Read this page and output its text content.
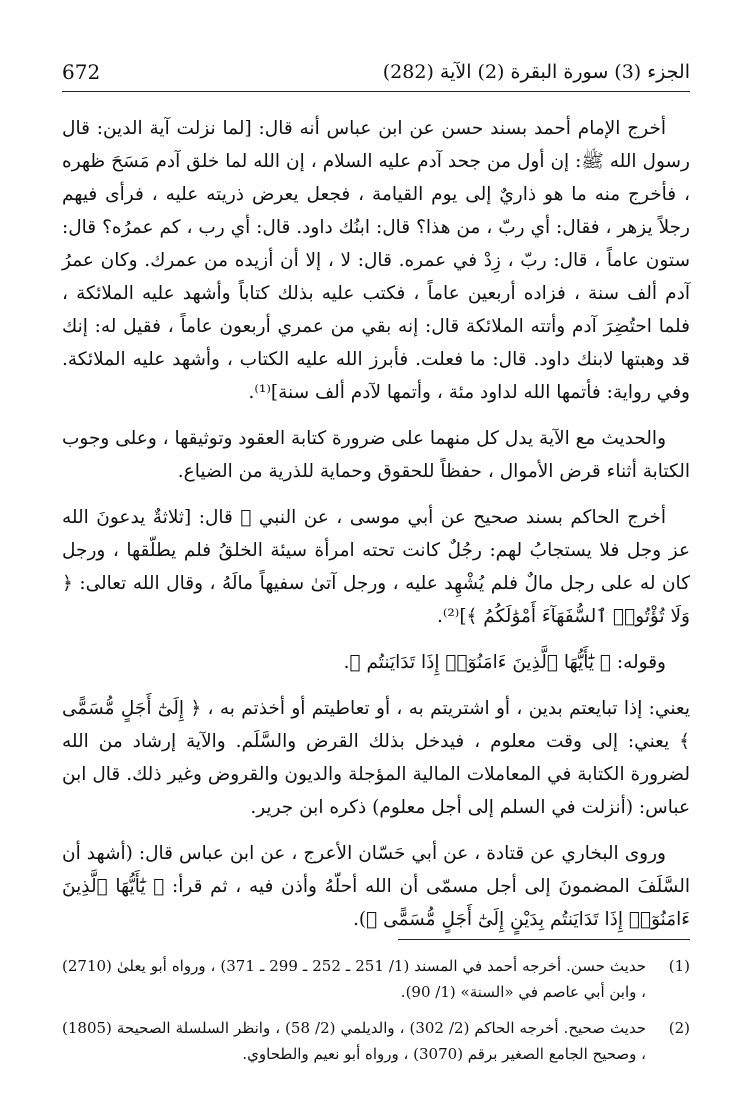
672	الجزء (3) سورة البقرة (2) الآية (282)

أخرج الإمام أحمد بسند حسن عن ابن عباس أنه قال: [لما نزلت آية الدين: قال رسول الله ﷺ: إن أول من جحد آدم عليه السلام ، إن الله لما خلق آدم مَسَحَ ظهره ، فأخرج منه ما هو ذاريٌ إلى يوم القيامة ، فجعل يعرض ذريته عليه ، فرأى فيهم رجلاً يزهر ، فقال: أي ربّ ، من هذا؟ قال: ابنُك داود. قال: أي رب ، كم عمرُه؟ قال: ستون عاماً ، قال: ربّ ، زِدْ في عمره. قال: لا ، إلا أن أزيده من عمرك. وكان عمرُ آدم ألف سنة ، فزاده أربعين عاماً ، فكتب عليه بذلك كتاباً وأشهد عليه الملائكة ، فلما احتُضِرَ آدم وأتته الملائكة قال: إنه بقي من عمري أربعون عاماً ، فقيل له: إنك قد وهبتها لابنك داود. قال: ما فعلت. فأبرز الله عليه الكتاب ، وأشهد عليه الملائكة. وفي رواية: فأتمها الله لداود مئة ، وأتمها لآدم ألف سنة]⁽¹⁾.

والحديث مع الآية يدل كل منهما على ضرورة كتابة العقود وتوثيقها ، وعلى وجوب الكتابة أثناء قرض الأموال ، حفظاً للحقوق وحماية للذرية من الضياع.

أخرج الحاكم بسند صحيح عن أبي موسى ، عن النبي ﷺ قال: [ثلاثةٌ يدعونَ الله عز وجل فلا يستجابُ لهم: رجُلٌ كانت تحته امرأة سيئة الخلقُ فلم يطلّقها ، ورجل كان له على رجل مالٌ فلم يُشْهِد عليه ، ورجل آتىٰ سفيهاً مالَهُ ، وقال الله تعالى: ﴿ وَلَا تُؤْتُوا۟ ٱلسُّفَهَآءَ أَمْوَٰلَكُمُ ﴾]⁽²⁾.

وقوله: ﴿ يَٰٓأَيُّهَا ٱلَّذِينَ ءَامَنُوٓا۟ إِذَا تَدَايَنتُم ﴾.

يعني: إذا تبايعتم بدين ، أو اشتريتم به ، أو تعاطيتم أو أخذتم به ، ﴿ إِلَىٰٓ أَجَلٍ مُّسَمًّى ﴾ يعني: إلى وقت معلوم ، فيدخل بذلك القرض والسَّلَم. والآية إرشاد من الله لضرورة الكتابة في المعاملات المالية المؤجلة والديون والقروض وغير ذلك. قال ابن عباس: (أنزلت في السلم إلى أجل معلوم) ذكره ابن جرير.

وروى البخاري عن قتادة ، عن أبي حَسّان الأعرج ، عن ابن عباس قال: (أشهد أن السَّلَفَ المضمونَ إلى أجل مسمّى أن الله أحلّهُ وأذن فيه ، ثم قرأ: ﴿ يَٰٓأَيُّهَا ٱلَّذِينَ ءَامَنُوٓا۟ إِذَا تَدَايَنتُم بِدَيْنٍ إِلَىٰٓ أَجَلٍ مُّسَمًّى ﴾).

(1)
حديث حسن. أخرجه أحمد في المسند (1/ 251 ـ 252 ـ 299 ـ 371) ، ورواه أبو يعلىٰ (2710) ، وابن أبي عاصم في «السنة» (1/ 90).
(2)
حديث صحيح. أخرجه الحاكم (2/ 302) ، والديلمي (2/ 58) ، وانظر السلسلة الصحيحة (1805) ، وصحيح الجامع الصغير برقم (3070) ، ورواه أبو نعيم والطحاوي.
